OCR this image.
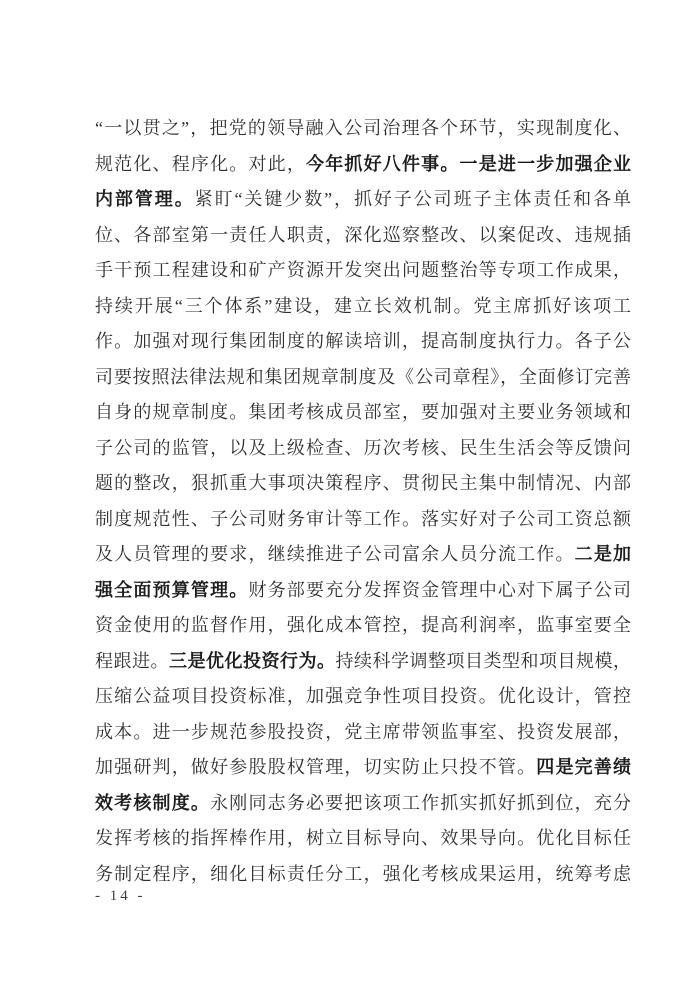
“一以贯之”，把党的领导融入公司治理各个环节，实现制度化、
规范化、程序化。对此，今年抓好八件事。一是进一步加强企业
内部管理。紧盯“关键少数”，抓好子公司班子主体责任和各单
位、各部室第一责任人职责，深化巡察整改、以案促改、违规插
手干预工程建设和矿产资源开发突出问题整治等专项工作成果，
持续开展“三个体系”建设，建立长效机制。党主席抓好该项工
作。加强对现行集团制度的解读培训，提高制度执行力。各子公
司要按照法律法规和集团规章制度及《公司章程》，全面修订完善
自身的规章制度。集团考核成员部室，要加强对主要业务领域和
子公司的监管，以及上级检查、历次考核、民生生活会等反馈问
题的整改，狠抓重大事项决策程序、贯彻民主集中制情况、内部
制度规范性、子公司财务审计等工作。落实好对子公司工资总额
及人员管理的要求，继续推进子公司富余人员分流工作。二是加
强全面预算管理。财务部要充分发挥资金管理中心对下属子公司
资金使用的监督作用，强化成本管控，提高利润率，监事室要全
程跟进。三是优化投资行为。持续科学调整项目类型和项目规模，
压缩公益项目投资标准，加强竞争性项目投资。优化设计，管控
成本。进一步规范参股投资，党主席带领监事室、投资发展部，
加强研判，做好参股股权管理，切实防止只投不管。四是完善绩
效考核制度。永刚同志务必要把该项工作抓实抓好抓到位，充分
发挥考核的指挥棒作用，树立目标导向、效果导向。优化目标任
务制定程序，细化目标责任分工，强化考核成果运用，统筹考虑
- 14 -
